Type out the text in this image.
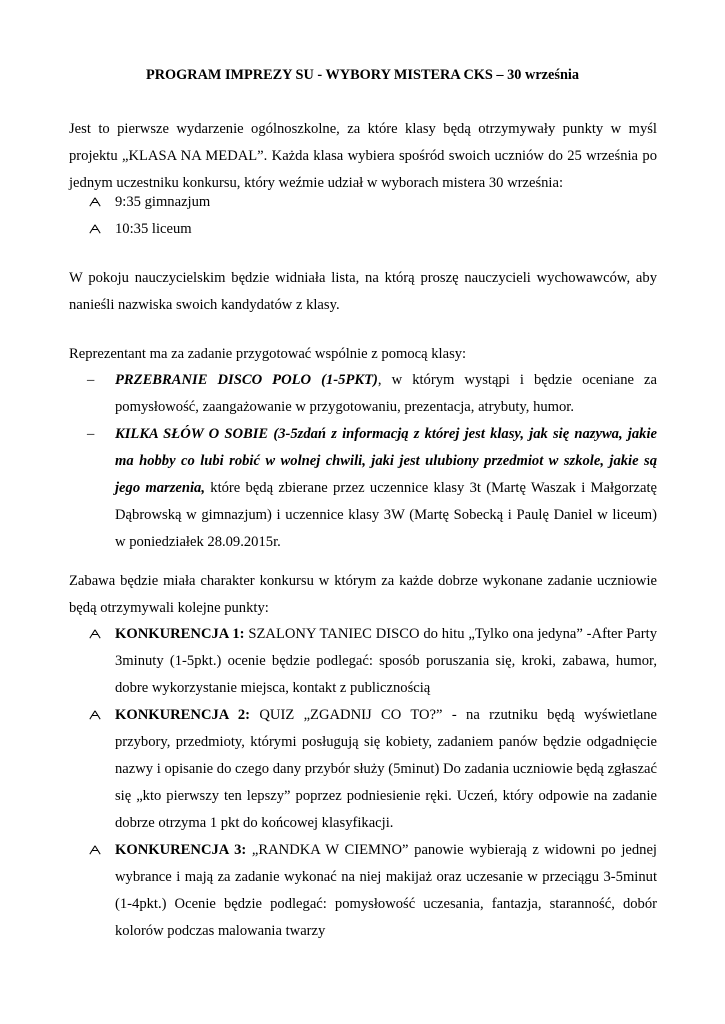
PROGRAM IMPREZY SU - WYBORY MISTERA CKS – 30 września
Jest to pierwsze wydarzenie ogólnoszkolne, za które klasy będą otrzymywały punkty w myśl projektu „KLASA NA MEDAL”. Każda klasa wybiera spośród swoich uczniów do 25 września po jednym uczestniku konkursu, który weźmie udział w wyborach mistera 30 września:
9:35 gimnazjum
10:35 liceum
W pokoju nauczycielskim będzie widniała lista, na którą proszę nauczycieli wychowawców, aby nanieśli nazwiska swoich kandydatów z klasy.
Reprezentant ma za zadanie przygotować wspólnie z pomocą klasy:
– PRZEBRANIE DISCO POLO (1-5PKT), w którym wystąpi i będzie oceniane za pomysłowość, zaangażowanie w przygotowaniu, prezentacja, atrybuty, humor.
– KILKA SŁÓW O SOBIE (3-5zdań z informacją z której jest klasy, jak się nazywa, jakie ma hobby co lubi robić w wolnej chwili, jaki jest ulubiony przedmiot w szkole, jakie są jego marzenia, które będą zbierane przez uczennice klasy 3t (Martę Waszak i Małgorzatę Dąbrowską w gimnazjum) i uczennice klasy 3W (Martę Sobecką i Paulę Daniel w liceum) w poniedziałek 28.09.2015r.
Zabawa będzie miała charakter konkursu w którym za każde dobrze wykonane zadanie uczniowie będą otrzymywali kolejne punkty:
KONKURENCJA 1: SZALONY TANIEC DISCO do hitu „Tylko ona jedyna” -After Party 3minuty (1-5pkt.) ocenie będzie podlegać: sposób poruszania się, kroki, zabawa, humor, dobre wykorzystanie miejsca, kontakt z publicznością
KONKURENCJA 2: QUIZ „ZGADNIJ CO TO?” - na rzutniku będą wyświetlane przybory, przedmioty, którymi posługują się kobiety, zadaniem panów będzie odgadnięcie nazwy i opisanie do czego dany przybór służy (5minut) Do zadania uczniowie będą zgłaszać się „kto pierwszy ten lepszy” poprzez podniesienie ręki. Uczeń, który odpowie na zadanie dobrze otrzyma 1 pkt do końcowej klasyfikacji.
KONKURENCJA 3: „RANDKA W CIEMNO” panowie wybierają z widowni po jednej wybrance i mają za zadanie wykonać na niej makijaż oraz uczesanie w przeciągu 3-5minut (1-4pkt.) Ocenie będzie podlegać: pomysłowość uczesania, fantazja, staranność, dobór kolorów podczas malowania twarzy
